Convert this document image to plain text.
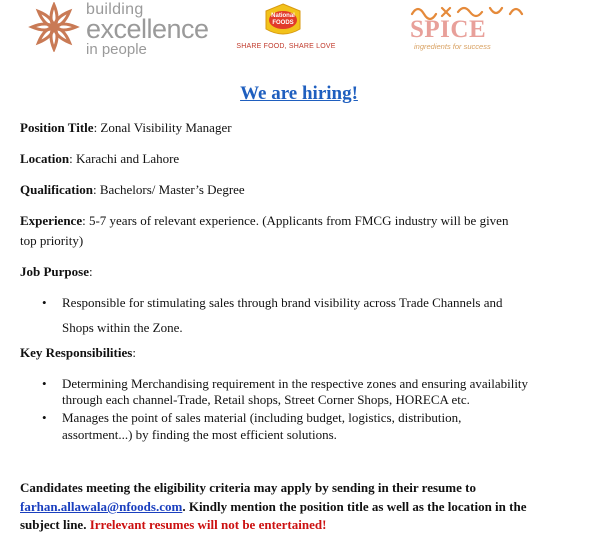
building
excellence
in people
National
FOODS
SHARE FOOD, SHARE LOVE
SPICE
ingredients for success
We are hiring!
Position Title: Zonal Visibility Manager
Location: Karachi and Lahore
Qualification: Bachelors/ Master’s Degree
Experience: 5-7 years of relevant experience. (Applicants from FMCG industry will be given
top priority)
Job Purpose:
•	Responsible for stimulating sales through brand visibility across Trade Channels and
Shops within the Zone.
Key Responsibilities:
•	Determining Merchandising requirement in the respective zones and ensuring availability
through each channel-Trade, Retail shops, Street Corner Shops, HORECA etc.
•	Manages the point of sales material (including budget, logistics, distribution,
assortment...) by finding the most efficient solutions.
Candidates meeting the eligibility criteria may apply by sending in their resume to
farhan.allawala@nfoods.com. Kindly mention the position title as well as the location in the
subject line. Irrelevant resumes will not be entertained!
